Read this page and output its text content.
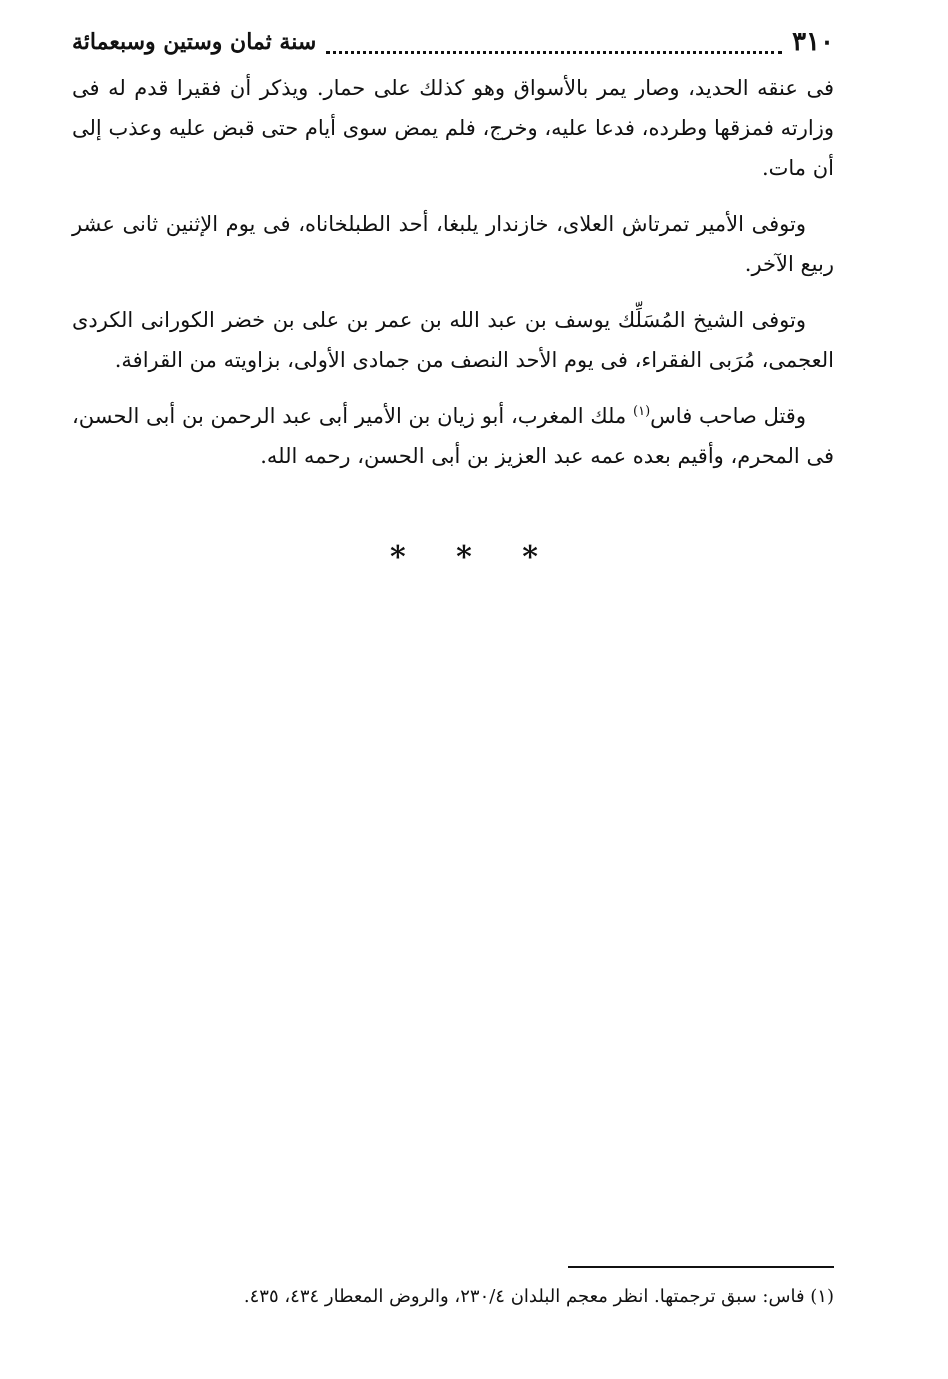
٣١٠
سنة ثمان وستين وسبعمائة

فى عنقه الحديد، وصار يمر بالأسواق وهو كذلك على حمار. ويذكر أن فقيرا قدم له فى وزارته فمزقها وطرده، فدعا عليه، وخرج، فلم يمض سوى أيام حتى قبض عليه وعذب إلى أن مات.

وتوفى الأمير تمرتاش العلاى، خازندار يلبغا، أحد الطبلخاناه، فى يوم الإثنين ثانى عشر ربيع الآخر.

وتوفى الشيخ المُسَلِّك يوسف بن عبد الله بن عمر بن على بن خضر الكورانى الكردى العجمى، مُرَبى الفقراء، فى يوم الأحد النصف من جمادى الأولى، بزاويته من القرافة.

وقتل صاحب فاس$^{(١)}$ ملك المغرب، أبو زيان بن الأمير أبى عبد الرحمن بن أبى الحسن، فى المحرم، وأقيم بعده عمه عبد العزيز بن أبى الحسن، رحمه الله.

* * *
(١) فاس: سبق ترجمتها. انظر معجم البلدان ٢٣٠/٤، والروض المعطار ٤٣٤، ٤٣٥.
